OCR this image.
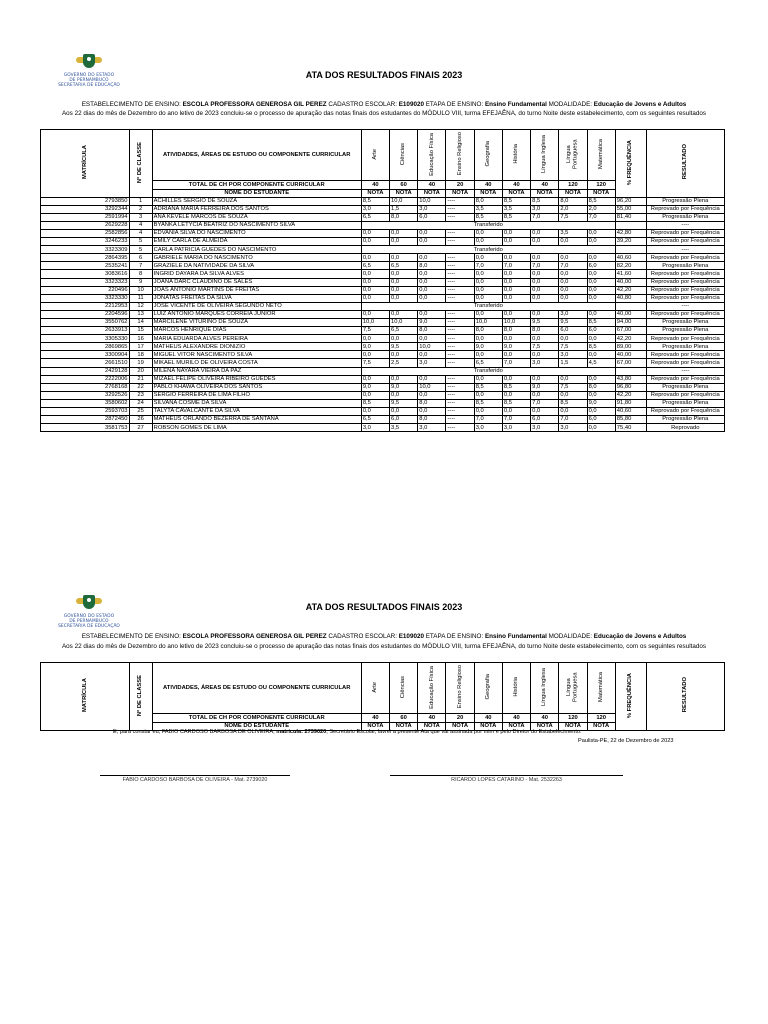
GOVERNO DO ESTADO
DE PERNAMBUCO
SECRETARIA DE EDUCAÇÃO
ATA DOS RESULTADOS FINAIS 2023
ESTABELECIMENTO DE ENSINO: ESCOLA PROFESSORA GENEROSA GIL PEREZ CADASTRO ESCOLAR: E109020 ETAPA DE ENSINO: Ensino Fundamental MODALIDADE: Educação de Jovens e Adultos
Aos 22 dias do mês de Dezembro do ano letivo de 2023 concluiu-se o processo de apuração das notas finais dos estudantes do MÓDULO VIII, turma EFEJAÊNA, do turno Noite deste estabelecimento, com os seguintes resultados
MATRÍCULA	Nº DE CLASSE	ATIVIDADES, ÁREAS DE ESTUDO OU COMPONENTE CURRICULAR	Arte	Ciências	Educação Física	Ensino Religioso	Geografia	História	Língua Inglesa	Língua Portuguesa	Matemática	% FREQUÊNCIA	RESULTADO
		TOTAL DE CH POR COMPONENTE CURRICULAR	40	60	40	20	40	40	40	120	120		
		NOME DO ESTUDANTE	NOTA	NOTA	NOTA	NOTA	NOTA	NOTA	NOTA	NOTA	NOTA		
2793850	1	ACHILLES SERGIO DE SOUZA	8,5	10,0	10,0	----	8,0	8,5	8,5	8,0	8,5	96,20	Progressão Plena
3292344	2	ADRIANA MARIA FERREIRA DOS SANTOS	3,0	1,5	3,0	----	3,5	3,5	3,0	2,0	2,0	55,00	Reprovado por Frequência
2591994	3	ANA KEVELE MARCOS DE SOUZA	6,5	8,0	6,0	----	8,5	8,5	7,0	7,5	7,0	81,40	Progressão Plena
2629228	4	BYANKA LETYCIA BEATRIZ DO NASCIMENTO SILVA	Transferido										----
2582856	4	EDVANIA SILVA DO NASCIMENTO	0,0	0,0	0,0	----	0,0	0,0	0,0	3,5	0,0	42,80	Reprovado por Frequência
3246233	5	EMILY CARLA DE ALMEIDA	0,0	0,0	0,0	----	0,0	0,0	0,0	0,0	0,0	39,20	Reprovado por Frequência
3323309	5	CARLA PATRICIA GUEDES DO NASCIMENTO	Transferido										----
2864395	6	GABRIELE MARIA DO NASCIMENTO	0,0	0,0	0,0	----	0,0	0,0	0,0	0,0	0,0	40,60	Reprovado por Frequência
2535241	7	GRAZIELE DA NATIVIDADE DA SILVA	6,5	6,5	8,0	----	7,0	7,0	7,0	7,0	6,0	82,20	Progressão Plena
3083616	8	INGRID DAYARA DA SILVA ALVES	0,0	0,0	0,0	----	0,0	0,0	0,0	0,0	0,0	41,60	Reprovado por Frequência
3323323	9	JOANA DARC CLAUDINO DE SALES	0,0	0,0	0,0	----	0,0	0,0	0,0	0,0	0,0	40,00	Reprovado por Frequência
220496	10	JOAS ANTONIO MARTINS DE FREITAS	0,0	0,0	0,0	----	0,0	0,0	0,0	0,0	0,0	42,20	Reprovado por Frequência
3323330	11	JONATAS FREITAS DA SILVA	0,0	0,0	0,0	----	0,0	0,0	0,0	0,0	0,0	40,80	Reprovado por Frequência
2212953	12	JOSE VICENTE DE OLIVEIRA SEGUNDO NETO	Transferido										----
2204596	13	LUIZ ANTONIO MARQUES CORREIA JUNIOR	0,0	0,0	0,0	----	0,0	0,0	0,0	3,0	0,0	40,00	Reprovado por Frequência
3550762	14	MARCILENE VITURINO DE SOUZA	10,0	10,0	9,0	----	10,0	10,0	9,5	9,5	8,5	94,00	Progressão Plena
2633913	15	MARCOS HENRIQUE DIAS	7,5	6,5	8,0	----	8,0	8,0	8,0	6,0	6,0	67,00	Progressão Plena
3305330	16	MARIA EDUARDA ALVES PEREIRA	0,0	0,0	0,0	----	0,0	0,0	0,0	0,0	0,0	42,20	Reprovado por Frequência
2869865	17	MATHEUS ALEXANDRE DIONIZIO	9,0	9,5	10,0	----	9,0	9,0	7,5	7,5	8,5	89,00	Progressão Plena
3300904	18	MIGUEL VITOR NASCIMENTO SILVA	0,0	0,0	0,0	----	0,0	0,0	0,0	3,0	0,0	40,00	Reprovado por Frequência
2661510	19	MIKAEL MURILO DE OLIVEIRA COSTA	7,5	2,5	3,0	----	6,5	7,0	3,0	1,5	4,5	67,00	Reprovado por Frequência
2429128	20	MILENA NAYARA VIEIRA DA PAZ	Transferido										----
2222006	21	MIZAEL FELIPE OLIVEIRA RIBEIRO GUEDES	0,0	0,0	0,0	----	0,0	0,0	0,0	0,0	0,0	43,80	Reprovado por Frequência
2768168	22	PABLO KHAWA OLIVEIRA DOS SANTOS	9,0	9,0	10,0	----	8,5	8,5	9,0	7,5	8,0	96,80	Progressão Plena
3292526	23	SERGIO FERREIRA DE LIMA FILHO	0,0	0,0	0,0	----	0,0	0,0	0,0	0,0	0,0	42,20	Reprovado por Frequência
3580602	24	SILVANA COSME DA SILVA	8,5	9,5	8,0	----	8,5	8,5	7,0	8,5	9,0	91,80	Progressão Plena
2593703	25	TALYTA CAVALCANTE DA SILVA	0,0	0,0	0,0	----	0,0	0,0	0,0	0,0	0,0	40,60	Reprovado por Frequência
2872450	26	MATHEUS ORLANDO BEZERRA DE SANTANA	6,5	6,0	8,0	----	7,0	7,0	6,0	7,0	6,0	85,80	Progressão Plena
3581753	27	ROBSON GOMES DE LIMA	3,0	3,5	3,0	----	3,0	3,0	3,0	3,0	0,0	75,40	Reprovado
GOVERNO DO ESTADO
DE PERNAMBUCO
SECRETARIA DE EDUCAÇÃO
ATA DOS RESULTADOS FINAIS 2023
ESTABELECIMENTO DE ENSINO: ESCOLA PROFESSORA GENEROSA GIL PEREZ CADASTRO ESCOLAR: E109020 ETAPA DE ENSINO: Ensino Fundamental MODALIDADE: Educação de Jovens e Adultos
Aos 22 dias do mês de Dezembro do ano letivo de 2023 concluiu-se o processo de apuração das notas finais dos estudantes do MÓDULO VIII, turma EFEJAÊNA, do turno Noite deste estabelecimento, com os seguintes resultados
MATRÍCULA	Nº DE CLASSE	ATIVIDADES, ÁREAS DE ESTUDO OU COMPONENTE CURRICULAR	Arte	Ciências	Educação Física	Ensino Religioso	Geografia	História	Língua Inglesa	Língua Portuguesa	Matemática	% FREQUÊNCIA	RESULTADO
		TOTAL DE CH POR COMPONENTE CURRICULAR	40	60	40	20	40	40	40	120	120		
		NOME DO ESTUDANTE	NOTA	NOTA	NOTA	NOTA	NOTA	NOTA	NOTA	NOTA	NOTA		
E, para constar eu, FABIO CARDOSO BARBOSA DE OLIVEIRA, matrícula: 2739020, Secretário Escolar, lavrei a presente Ata que vai assinada por mim e pelo Diretor do Estabelecimento.
Paulista-PE, 22 de Dezembro de 2023
FABIO CARDOSO BARBOSA DE OLIVEIRA - Mat. 2739020	RICARDO LOPES CATARINO - Mat. 2532263
